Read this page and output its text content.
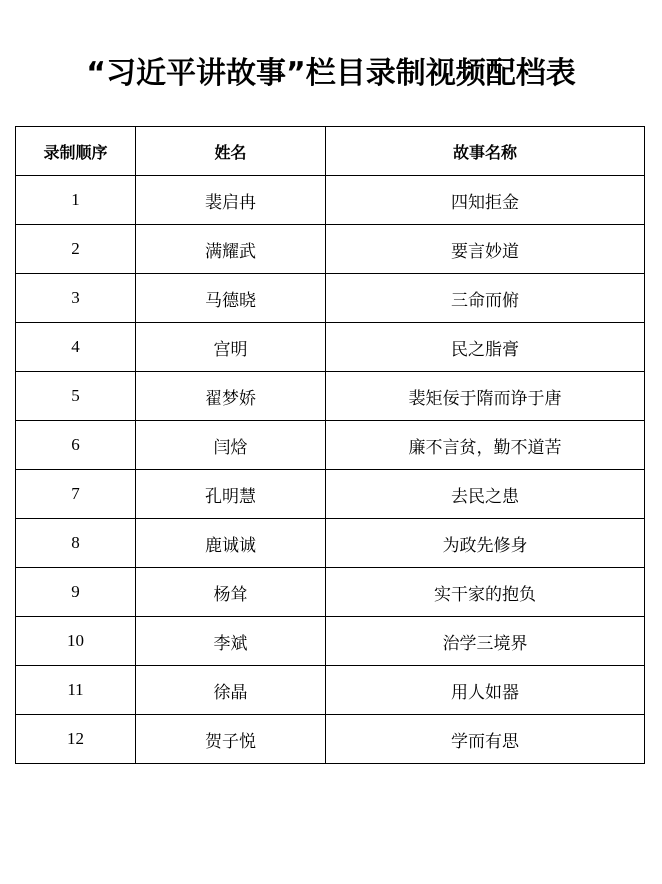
“习近平讲故事”栏目录制视频配档表
录制顺序	姓名	故事名称
1	裴启冉	四知拒金
2	满耀武	要言妙道
3	马德晓	三命而俯
4	宫明	民之脂膏
5	翟梦娇	裴矩佞于隋而诤于唐
6	闫焓	廉不言贫，勤不道苦
7	孔明慧	去民之患
8	鹿诚诚	为政先修身
9	杨耸	实干家的抱负
10	李斌	治学三境界
11	徐晶	用人如器
12	贺子悦	学而有思
